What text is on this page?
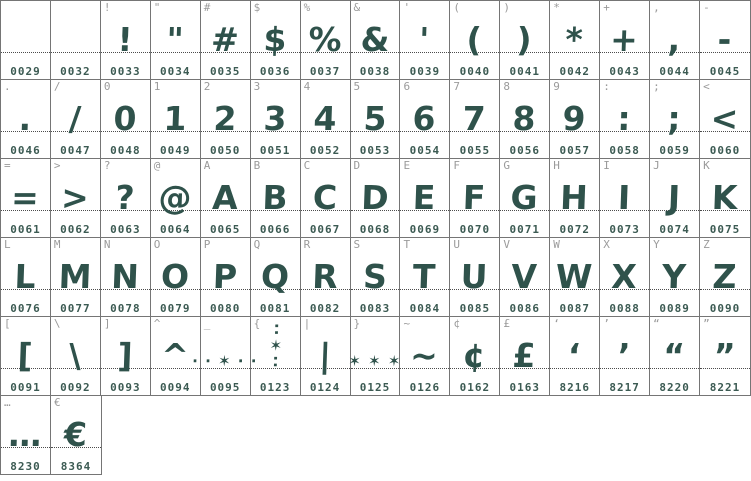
0029	0032
!
!
0033
"
"
0034
#
#
0035
$
$
0036
%
%
0037
&
&
0038
'
'
0039
(
(
0040
)
)
0041
*
*
0042
+
+
0043
,
,
0044
-
-
0045
.
.
0046
/
/
0047
0
0
0048
1
1
0049
2
2
0050
3
3
0051
4
4
0052
5
5
0053
6
6
0054
7
7
0055
8
8
0056
9
9
0057
:
:
0058
;
;
0059
<
<
0060
=
=
0061
>
>
0062
?
?
0063
@
@
0064
A
A
0065
B
B
0066
C
C
0067
D
D
0068
E
E
0069
F
F
0070
G
G
0071
H
H
0072
I
I
0073
J
J
0074
K
K
0075
L
L
0076
M
M
0077
N
N
0078
O
O
0079
P
P
0080
Q
Q
0081
R
R
0082
S
S
0083
T
T
0084
U
U
0085
V
V
0086
W
W
0087
X
X
0088
Y
Y
0089
Z
Z
0090
[
[
0091
\
\
0092
]
]
0093
^
^
0094
_
· · ✶ · ·
0095
{ ··✶··
0123
|
|
0124
}
✶ ✶ ✶
0125
~
~
0126
¢
¢
0162
£
£
0163
‘
‘
8216
’
’
8217
“
“
8220
”
”
8221
…
…
8230
€
€
8364
